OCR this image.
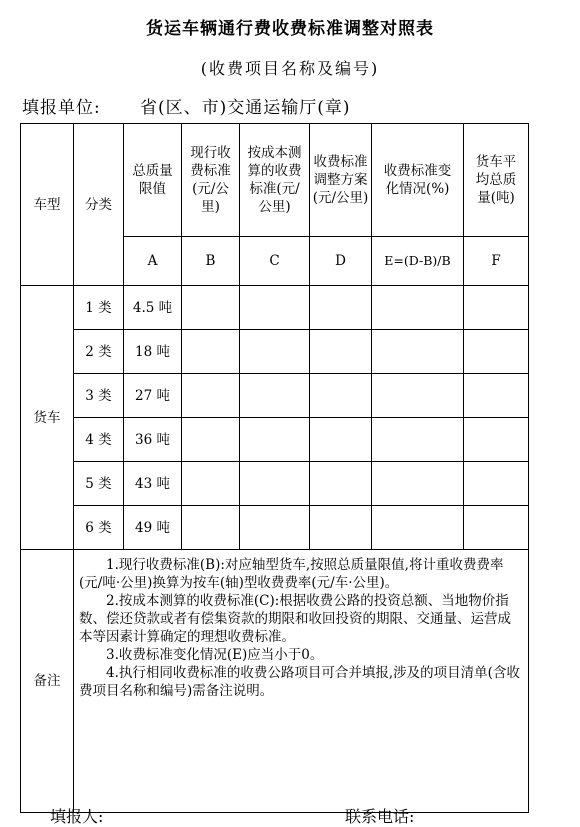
货运车辆通行费收费标准调整对照表
(收费项目名称及编号)
填报单位: 省(区、市)交通运输厅(章)
车型	分类	总质量限值	现行收费标准(元/公里)	按成本测算的收费标准(元/公里)	收费标准调整方案(元/公里)	收费标准变化情况(%)	货车平均总质量(吨)

		A	B	C	D	E=(D-B)/B	F
货车	1 类	4.5 吨					
	2 类	18 吨					
	3 类	27 吨					
	4 类	36 吨					
	5 类	43 吨					
	6 类	49 吨					
备注	1.现行收费标准(B):对应轴型货车,按照总质量限值,将计重收费费率(元/吨·公里)换算为按车(轴)型收费费率(元/车·公里)。

2.按成本测算的收费标准(C):根据收费公路的投资总额、当地物价指数、偿还贷款或者有偿集资款的期限和收回投资的期限、交通量、运营成本等因素计算确定的理想收费标准。

3.收费标准变化情况(E)应当小于0。

4.执行相同收费标准的收费公路项目可合并填报,涉及的项目清单(含收费项目名称和编号)需备注说明。						

填报人:	联系电话:
